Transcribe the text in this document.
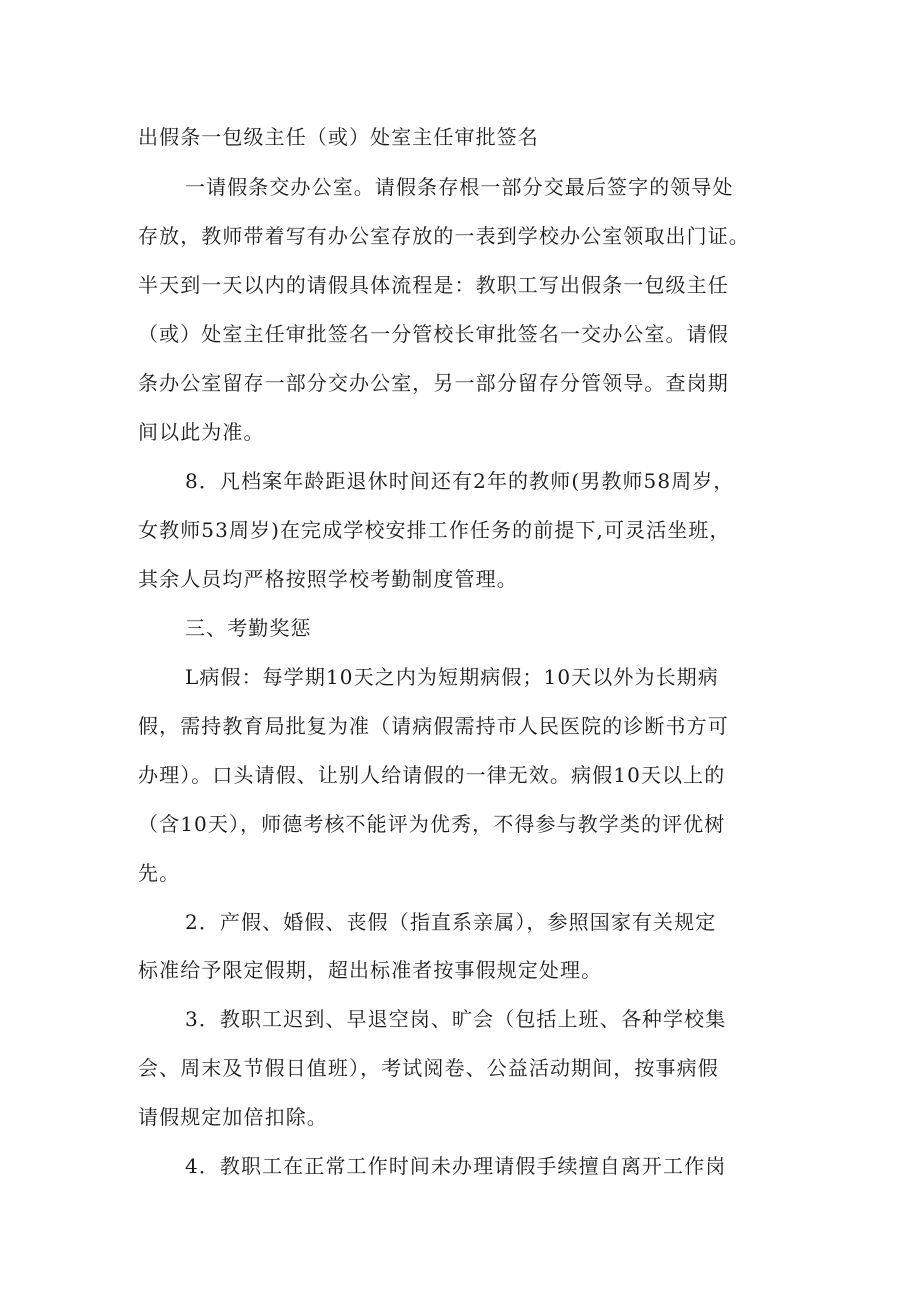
出假条一包级主任（或）处室主任审批签名

一请假条交办公室。请假条存根一部分交最后签字的领导处

存放，教师带着写有办公室存放的一表到学校办公室领取出门证。

半天到一天以内的请假具体流程是：教职工写出假条一包级主任

（或）处室主任审批签名一分管校长审批签名一交办公室。请假

条办公室留存一部分交办公室，另一部分留存分管领导。查岗期

间以此为准。

8．凡档案年龄距退休时间还有2年的教师(男教师58周岁，

女教师53周岁)在完成学校安排工作任务的前提下,可灵活坐班，

其余人员均严格按照学校考勤制度管理。

三、考勤奖惩

L病假：每学期10天之内为短期病假；10天以外为长期病

假，需持教育局批复为准（请病假需持市人民医院的诊断书方可

办理）。口头请假、让别人给请假的一律无效。病假10天以上的

（含10天），师德考核不能评为优秀，不得参与教学类的评优树

先。

2．产假、婚假、丧假（指直系亲属），参照国家有关规定

标准给予限定假期，超出标准者按事假规定处理。

3．教职工迟到、早退空岗、旷会（包括上班、各种学校集

会、周末及节假日值班），考试阅卷、公益活动期间，按事病假

请假规定加倍扣除。

4．教职工在正常工作时间未办理请假手续擅自离开工作岗
